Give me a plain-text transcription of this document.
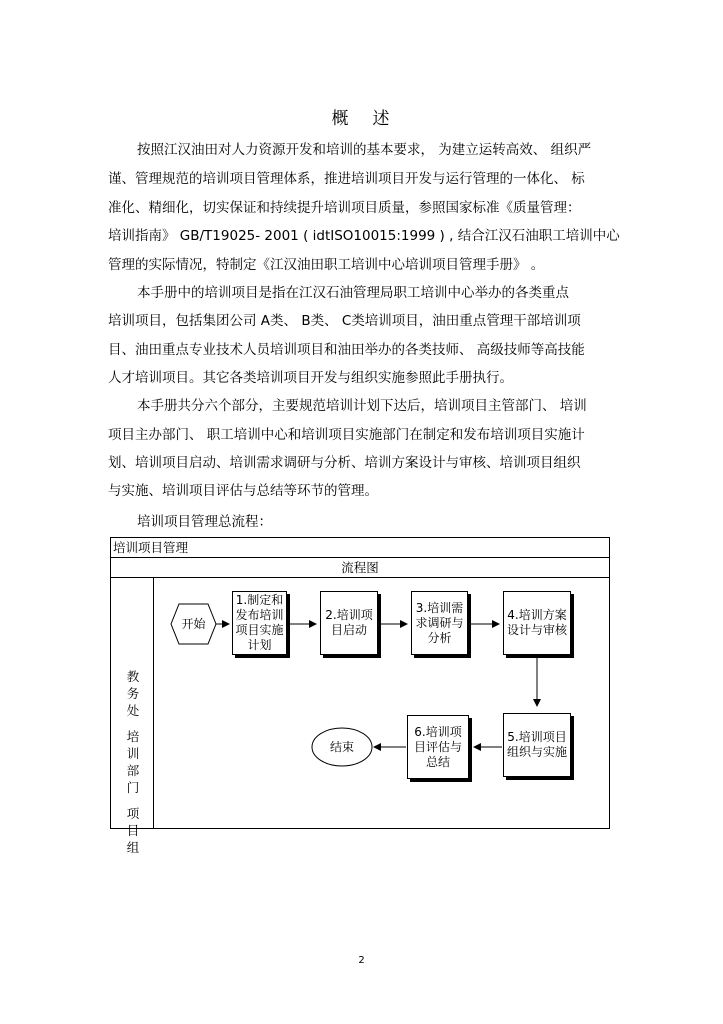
概 述
按照江汉油田对人力资源开发和培训的基本要求， 为建立运转高效、 组织严
谨、管理规范的培训项目管理体系，推进培训项目开发与运行管理的一体化、 标
准化、精细化，切实保证和持续提升培训项目质量，参照国家标准《质量管理：
培训指南》 GB/T19025- 2001 ( idtISO10015:1999 ) , 结合江汉石油职工培训中心
管理的实际情况，特制定《江汉油田职工培训中心培训项目管理手册》 。
本手册中的培训项目是指在江汉石油管理局职工培训中心举办的各类重点
培训项目，包括集团公司 A类、 B类、 C类培训项目，油田重点管理干部培训项
目、油田重点专业技术人员培训项目和油田举办的各类技师、 高级技师等高技能
人才培训项目。其它各类培训项目开发与组织实施参照此手册执行。
本手册共分六个部分，主要规范培训计划下达后，培训项目主管部门、 培训
项目主办部门、 职工培训中心和培训项目实施部门在制定和发布培训项目实施计
划、培训项目启动、培训需求调研与分析、培训方案设计与审核、培训项目组织
与实施、培训项目评估与总结等环节的管理。
培训项目管理总流程：
培训项目管理
流程图
教
务
处
培
训
部
门
项
目
组
开始
1.制定和
发布培训
项目实施
计划
2.培训项
目启动
3.培训需
求调研与
分析
4.培训方案
设计与审核
5.培训项目
组织与实施
6.培训项
目评估与
总结
结束
2
